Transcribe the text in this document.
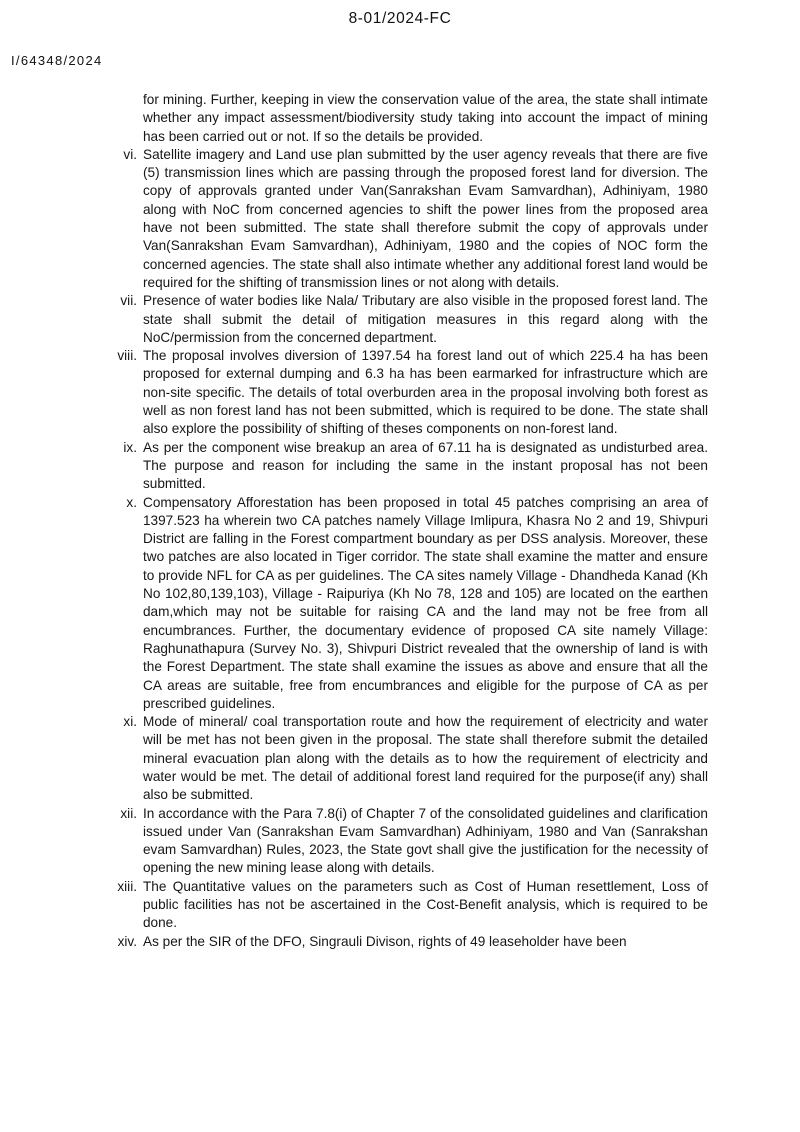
8-01/2024-FC
I/64348/2024

for mining. Further, keeping in view the conservation value of the area, the state shall intimate whether any impact assessment/biodiversity study taking into account the impact of mining has been carried out or not. If so the details be provided.

vi. Satellite imagery and Land use plan submitted by the user agency reveals that there are five (5) transmission lines which are passing through the proposed forest land for diversion. The copy of approvals granted under Van(Sanrakshan Evam Samvardhan), Adhiniyam, 1980 along with NoC from concerned agencies to shift the power lines from the proposed area have not been submitted. The state shall therefore submit the copy of approvals under Van(Sanrakshan Evam Samvardhan), Adhiniyam, 1980 and the copies of NOC form the concerned agencies. The state shall also intimate whether any additional forest land would be required for the shifting of transmission lines or not along with details.
vii. Presence of water bodies like Nala/ Tributary are also visible in the proposed forest land. The state shall submit the detail of mitigation measures in this regard along with the NoC/permission from the concerned department.
viii. The proposal involves diversion of 1397.54 ha forest land out of which 225.4 ha has been proposed for external dumping and 6.3 ha has been earmarked for infrastructure which are non-site specific. The details of total overburden area in the proposal involving both forest as well as non forest land has not been submitted, which is required to be done. The state shall also explore the possibility of shifting of theses components on non-forest land.
ix. As per the component wise breakup an area of 67.11 ha is designated as undisturbed area. The purpose and reason for including the same in the instant proposal has not been submitted.
x. Compensatory Afforestation has been proposed in total 45 patches comprising an area of 1397.523 ha wherein two CA patches namely Village Imlipura, Khasra No 2 and 19, Shivpuri District are falling in the Forest compartment boundary as per DSS analysis. Moreover, these two patches are also located in Tiger corridor. The state shall examine the matter and ensure to provide NFL for CA as per guidelines. The CA sites namely Village - Dhandheda Kanad (Kh No 102,80,139,103), Village - Raipuriya (Kh No 78, 128 and 105) are located on the earthen dam,which may not be suitable for raising CA and the land may not be free from all encumbrances. Further, the documentary evidence of proposed CA site namely Village: Raghunathapura (Survey No. 3), Shivpuri District revealed that the ownership of land is with the Forest Department. The state shall examine the issues as above and ensure that all the CA areas are suitable, free from encumbrances and eligible for the purpose of CA as per prescribed guidelines.
xi. Mode of mineral/ coal transportation route and how the requirement of electricity and water will be met has not been given in the proposal. The state shall therefore submit the detailed mineral evacuation plan along with the details as to how the requirement of electricity and water would be met. The detail of additional forest land required for the purpose(if any) shall also be submitted.
xii. In accordance with the Para 7.8(i) of Chapter 7 of the consolidated guidelines and clarification issued under Van (Sanrakshan Evam Samvardhan) Adhiniyam, 1980 and Van (Sanrakshan evam Samvardhan) Rules, 2023, the State govt shall give the justification for the necessity of opening the new mining lease along with details.
xiii. The Quantitative values on the parameters such as Cost of Human resettlement, Loss of public facilities has not be ascertained in the Cost-Benefit analysis, which is required to be done.
xiv. As per the SIR of the DFO, Singrauli Divison, rights of 49 leaseholder have been
